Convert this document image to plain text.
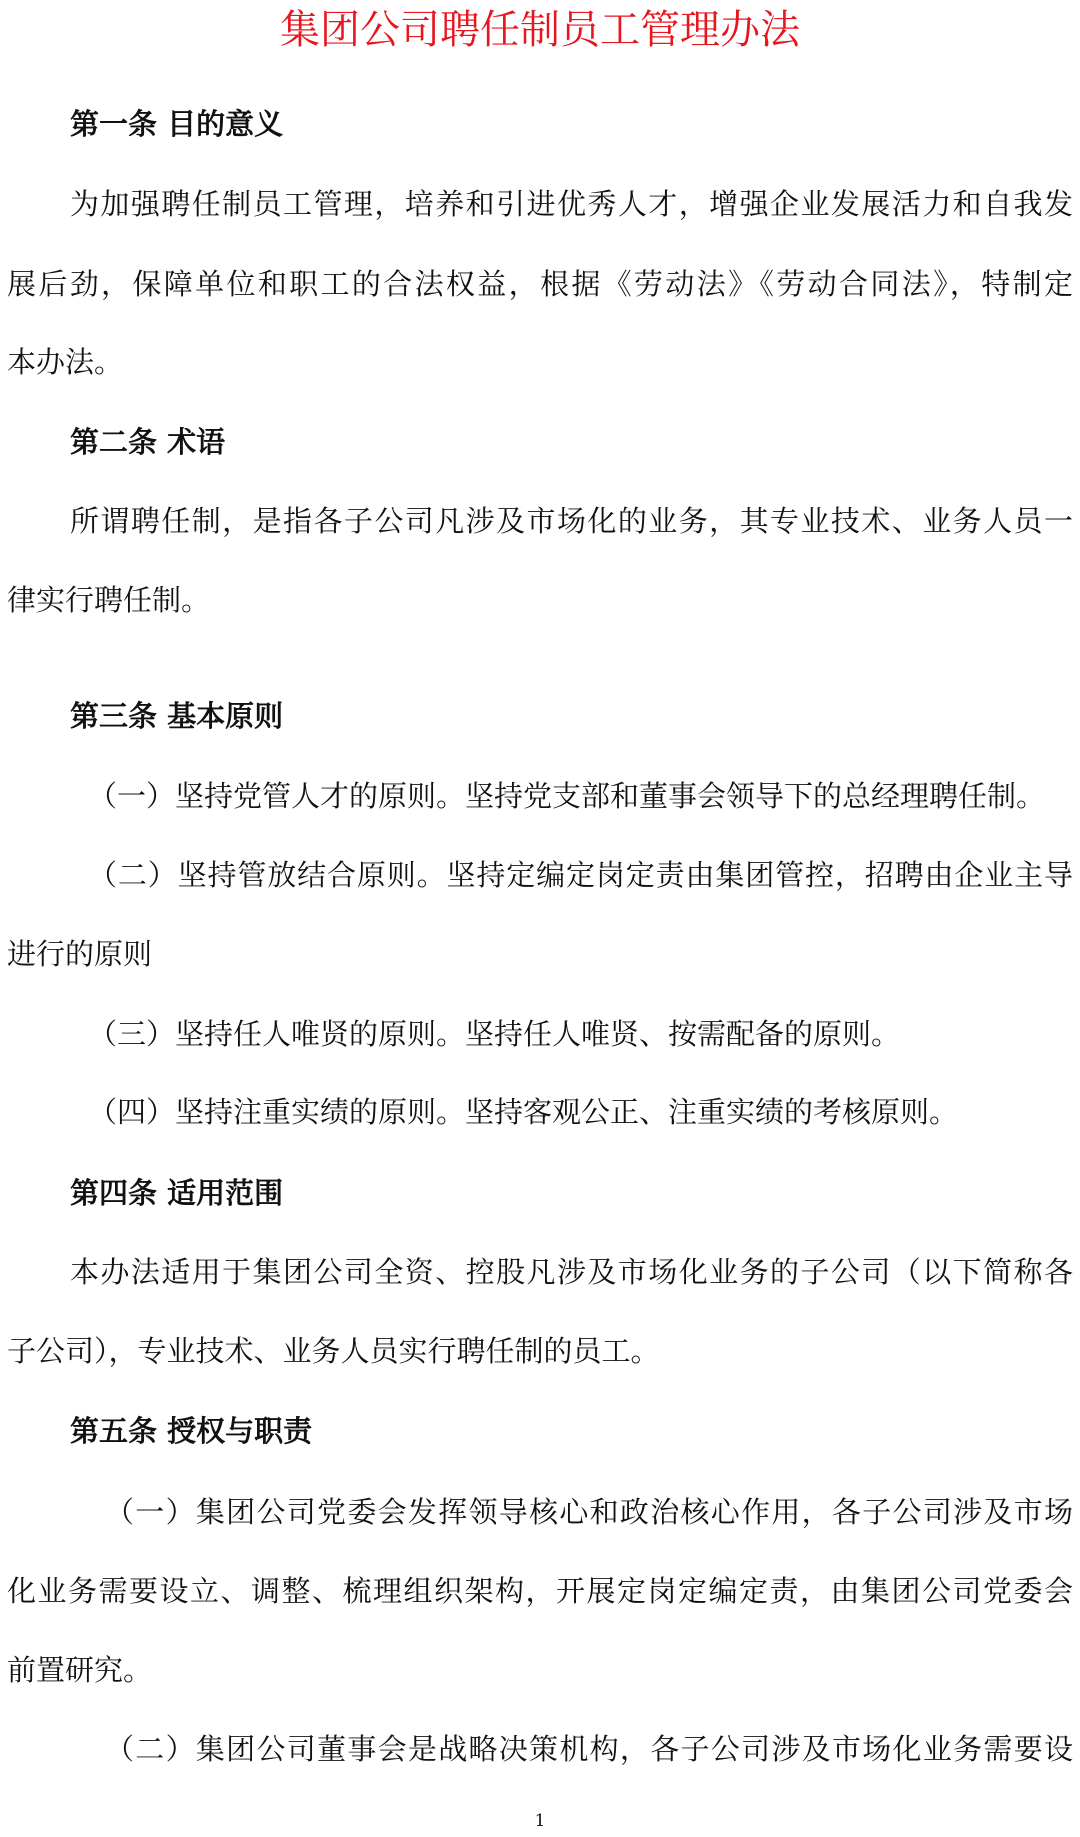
集团公司聘任制员工管理办法

第一条 目的意义

为加强聘任制员工管理，培养和引进优秀人才，增强企业发展活力和自我发

展后劲，保障单位和职工的合法权益，根据《劳动法》《劳动合同法》，特制定

本办法。

第二条 术语

所谓聘任制，是指各子公司凡涉及市场化的业务，其专业技术、业务人员一

律实行聘任制。

第三条 基本原则

（一）坚持党管人才的原则。坚持党支部和董事会领导下的总经理聘任制。

（二）坚持管放结合原则。坚持定编定岗定责由集团管控，招聘由企业主导

进行的原则

（三）坚持任人唯贤的原则。坚持任人唯贤、按需配备的原则。

（四）坚持注重实绩的原则。坚持客观公正、注重实绩的考核原则。

第四条 适用范围

本办法适用于集团公司全资、控股凡涉及市场化业务的子公司（以下简称各

子公司），专业技术、业务人员实行聘任制的员工。

第五条 授权与职责

（一）集团公司党委会发挥领导核心和政治核心作用，各子公司涉及市场

化业务需要设立、调整、梳理组织架构，开展定岗定编定责，由集团公司党委会

前置研究。

（二）集团公司董事会是战略决策机构，各子公司涉及市场化业务需要设

1
